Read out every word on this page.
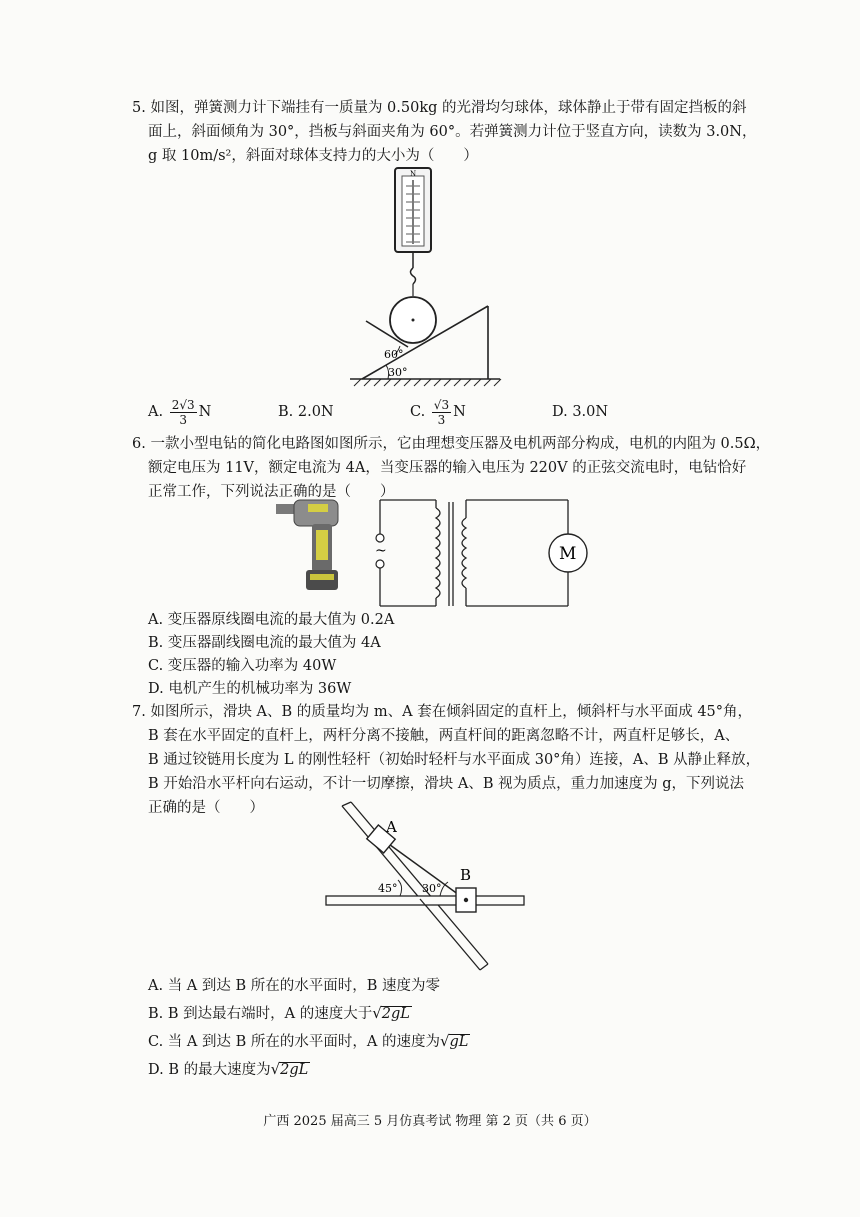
5. 如图，弹簧测力计下端挂有一质量为 0.50kg 的光滑均匀球体，球体静止于带有固定挡板的斜
面上，斜面倾角为 30°，挡板与斜面夹角为 60°。若弹簧测力计位于竖直方向，读数为 3.0N，
g 取 10m/s²，斜面对球体支持力的大小为（　　）
N
60°
30°
A. $\frac{2√3}{3}$ N	B. 2.0N	C. $\frac{√3}{3}$ N	D. 3.0N
6. 一款小型电钻的简化电路图如图所示，它由理想变压器及电机两部分构成，电机的内阻为 0.5Ω，
额定电压为 11V，额定电流为 4A，当变压器的输入电压为 220V 的正弦交流电时，电钻恰好
正常工作，下列说法正确的是（　　）
~	M
A. 变压器原线圈电流的最大值为 0.2A
B. 变压器副线圈电流的最大值为 4A
C. 变压器的输入功率为 40W
D. 电机产生的机械功率为 36W
7. 如图所示，滑块 A、B 的质量均为 m、A 套在倾斜固定的直杆上，倾斜杆与水平面成 45°角，
B 套在水平固定的直杆上，两杆分离不接触，两直杆间的距离忽略不计，两直杆足够长，A、
B 通过铰链用长度为 L 的刚性轻杆（初始时轻杆与水平面成 30°角）连接，A、B 从静止释放，
B 开始沿水平杆向右运动，不计一切摩擦，滑块 A、B 视为质点，重力加速度为 g，下列说法
正确的是（　　）
A
B
45° 30°
A. 当 A 到达 B 所在的水平面时，B 速度为零
B. B 到达最右端时，A 的速度大于√2gL
C. 当 A 到达 B 所在的水平面时，A 的速度为√gL
D. B 的最大速度为√2gL
广西 2025 届高三 5 月仿真考试 物理 第 2 页（共 6 页）
